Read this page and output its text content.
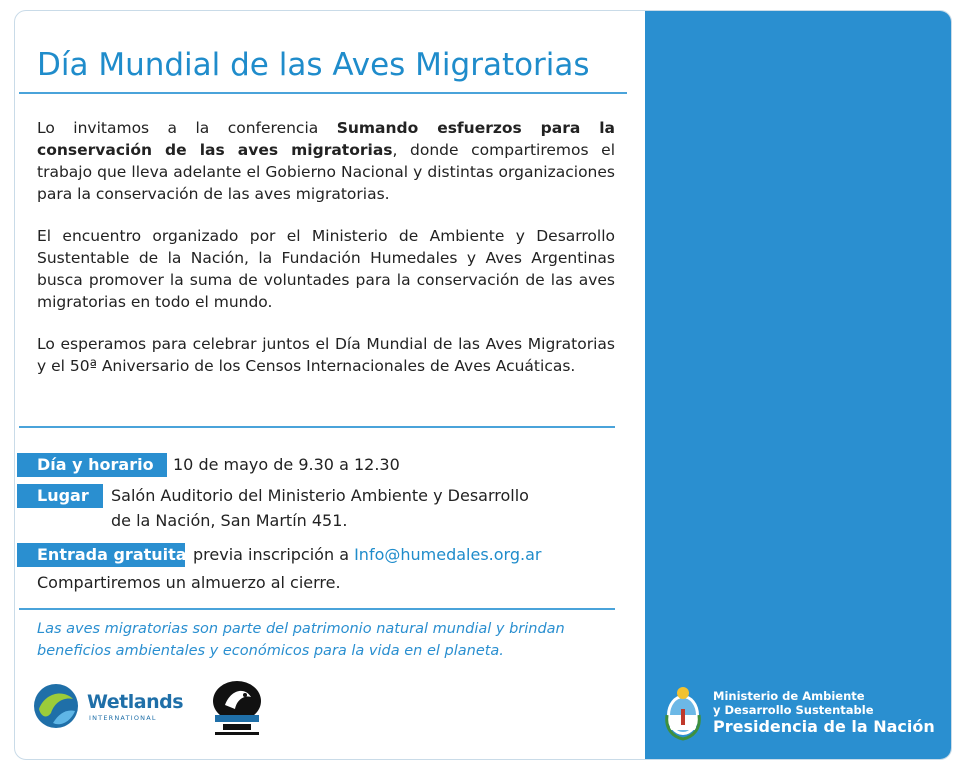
Día Mundial de las Aves Migratorias

Lo invitamos a la conferencia Sumando esfuerzos para la conservación de las aves migratorias, donde compartiremos el trabajo que lleva adelante el Gobierno Nacional y distintas organizaciones para la conservación de las aves migratorias.

El encuentro organizado por el Ministerio de Ambiente y Desarrollo Sustentable de la Nación, la Fundación Humedales y Aves Argentinas busca promover la suma de voluntades para la conservación de las aves migratorias en todo el mundo.

Lo esperamos para celebrar juntos el Día Mundial de las Aves Migratorias y el 50ª Aniversario de los Censos Internacionales de Aves Acuáticas.

Día y horario	10 de mayo de 9.30 a 12.30
Lugar	Salón Auditorio del Ministerio Ambiente y Desarrollo
de la Nación, San Martín 451.
Entrada gratuita previa inscripción a Info@humedales.org.ar
Compartiremos un almuerzo al cierre.

Las aves migratorias son parte del patrimonio natural mundial y brindan beneficios ambientales y económicos para la vida en el planeta.

Wetlands
INTERNATIONAL
Ministerio de Ambiente
y Desarrollo Sustentable
Presidencia de la Nación
